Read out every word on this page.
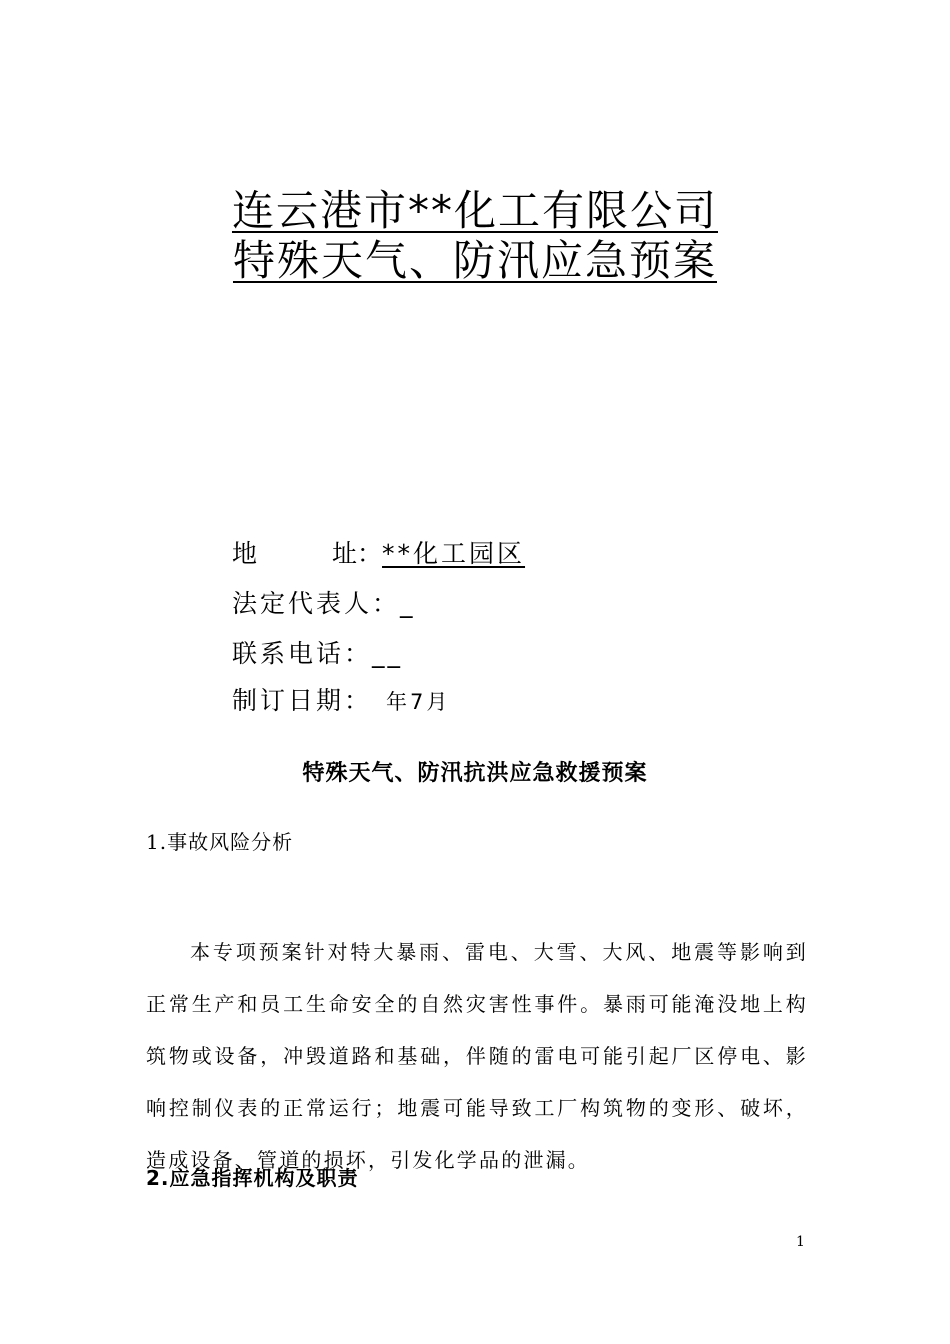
连云港市**化工有限公司
特殊天气、防汛应急预案
地　　　址：**化工园区
法定代表人：_
联系电话：__
制订日期： 年7月
特殊天气、防汛抗洪应急救援预案
1.事故风险分析

本专项预案针对特大暴雨、雷电、大雪、大风、地震等影响到正常生产和员工生命安全的自然灾害性事件。暴雨可能淹没地上构筑物或设备，冲毁道路和基础，伴随的雷电可能引起厂区停电、影响控制仪表的正常运行；地震可能导致工厂构筑物的变形、破坏，造成设备、管道的损坏，引发化学品的泄漏。

2.应急指挥机构及职责
1
